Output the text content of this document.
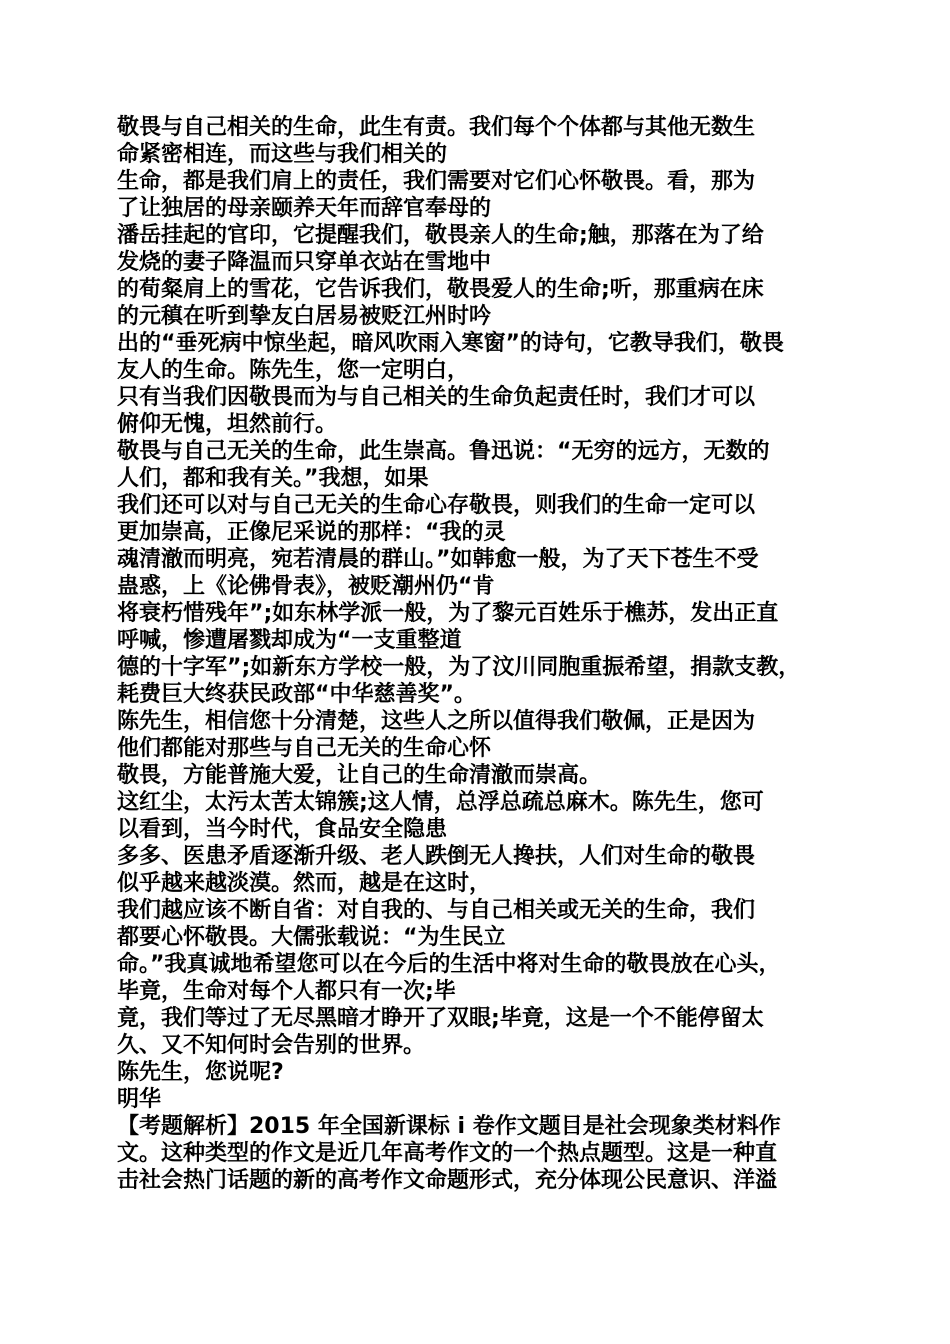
敬畏与自己相关的生命，此生有责。我们每个个体都与其他无数生
命紧密相连，而这些与我们相关的
生命，都是我们肩上的责任，我们需要对它们心怀敬畏。看，那为
了让独居的母亲颐养天年而辞官奉母的
潘岳挂起的官印，它提醒我们，敬畏亲人的生命;触，那落在为了给
发烧的妻子降温而只穿单衣站在雪地中
的荀粲肩上的雪花，它告诉我们，敬畏爱人的生命;听，那重病在床
的元稹在听到挚友白居易被贬江州时吟
出的“垂死病中惊坐起，暗风吹雨入寒窗”的诗句，它教导我们，敬畏
友人的生命。陈先生，您一定明白，
只有当我们因敬畏而为与自己相关的生命负起责任时，我们才可以
俯仰无愧，坦然前行。
敬畏与自己无关的生命，此生崇高。鲁迅说：“无穷的远方，无数的
人们，都和我有关。”我想，如果
我们还可以对与自己无关的生命心存敬畏，则我们的生命一定可以
更加崇高，正像尼采说的那样：“我的灵
魂清澈而明亮，宛若清晨的群山。”如韩愈一般，为了天下苍生不受
蛊惑，上《论佛骨表》，被贬潮州仍“肯
将衰朽惜残年”;如东林学派一般，为了黎元百姓乐于樵苏，发出正直
呼喊，惨遭屠戮却成为“一支重整道
德的十字军”;如新东方学校一般，为了汶川同胞重振希望，捐款支教，
耗费巨大终获民政部“中华慈善奖”。
陈先生，相信您十分清楚，这些人之所以值得我们敬佩，正是因为
他们都能对那些与自己无关的生命心怀
敬畏，方能普施大爱，让自己的生命清澈而崇高。
这红尘，太污太苦太锦簇;这人情，总浮总疏总麻木。陈先生，您可
以看到，当今时代，食品安全隐患
多多、医患矛盾逐渐升级、老人跌倒无人搀扶，人们对生命的敬畏
似乎越来越淡漠。然而，越是在这时，
我们越应该不断自省：对自我的、与自己相关或无关的生命，我们
都要心怀敬畏。大儒张载说：“为生民立
命。”我真诚地希望您可以在今后的生活中将对生命的敬畏放在心头，
毕竟，生命对每个人都只有一次;毕
竟，我们等过了无尽黑暗才睁开了双眼;毕竟，这是一个不能停留太
久、又不知何时会告别的世界。
陈先生，您说呢?
明华
【考题解析】2015 年全国新课标 i 卷作文题目是社会现象类材料作
文。这种类型的作文是近几年高考作文的一个热点题型。这是一种直
击社会热门话题的新的高考作文命题形式，充分体现公民意识、洋溢
